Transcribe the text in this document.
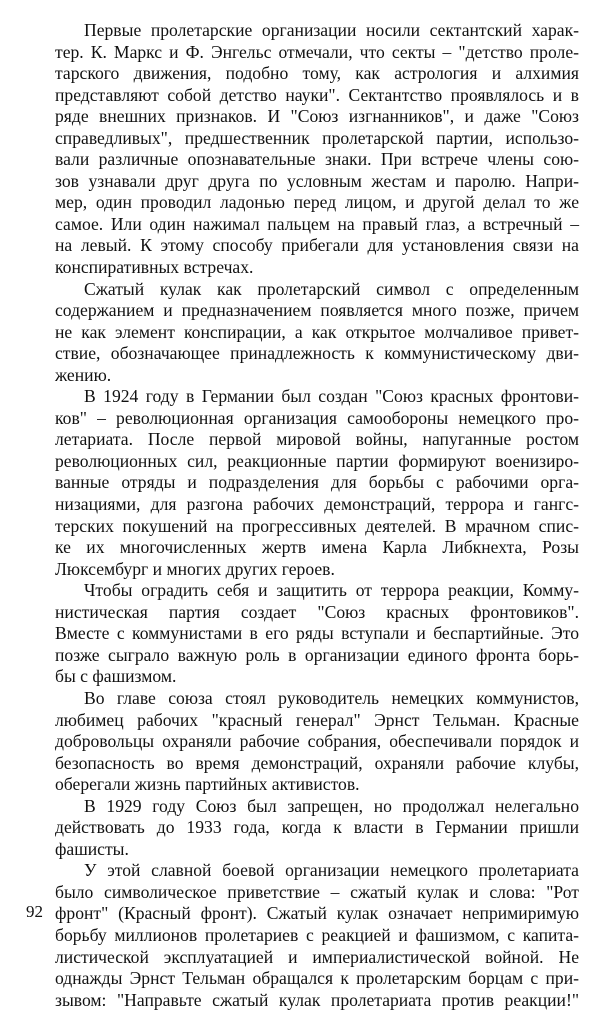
Первые пролетарские организации носили сектантский харак-
тер. К. Маркс и Ф. Энгельс отмечали, что секты – "детство проле-
тарского движения, подобно тому, как астрология и алхимия
представляют собой детство науки". Сектантство проявлялось и в
ряде внешних признаков. И "Союз изгнанников", и даже "Союз
справедливых", предшественник пролетарской партии, использо-
вали различные опознавательные знаки. При встрече члены сою-
зов узнавали друг друга по условным жестам и паролю. Напри-
мер, один проводил ладонью перед лицом, и другой делал то же
самое. Или один нажимал пальцем на правый глаз, а встречный –
на левый. К этому способу прибегали для установления связи на
конспиративных встречах.
Сжатый кулак как пролетарский символ с определенным
содержанием и предназначением появляется много позже, причем
не как элемент конспирации, а как открытое молчаливое привет-
ствие, обозначающее принадлежность к коммунистическому дви-
жению.
В 1924 году в Германии был создан "Союз красных фронтови-
ков" – революционная организация самообороны немецкого про-
летариата. После первой мировой войны, напуганные ростом
революционных сил, реакционные партии формируют военизиро-
ванные отряды и подразделения для борьбы с рабочими орга-
низациями, для разгона рабочих демонстраций, террора и гангс-
терских покушений на прогрессивных деятелей. В мрачном спис-
ке их многочисленных жертв имена Карла Либкнехта, Розы
Люксембург и многих других героев.
Чтобы оградить себя и защитить от террора реакции, Комму-
нистическая партия создает "Союз красных фронтовиков".
Вместе с коммунистами в его ряды вступали и беспартийные. Это
позже сыграло важную роль в организации единого фронта борь-
бы с фашизмом.
Во главе союза стоял руководитель немецких коммунистов,
любимец рабочих "красный генерал" Эрнст Тельман. Красные
добровольцы охраняли рабочие собрания, обеспечивали порядок и
безопасность во время демонстраций, охраняли рабочие клубы,
оберегали жизнь партийных активистов.
В 1929 году Союз был запрещен, но продолжал нелегально
действовать до 1933 года, когда к власти в Германии пришли
фашисты.
У этой славной боевой организации немецкого пролетариата
было символическое приветствие – сжатый кулак и слова: "Рот
фронт" (Красный фронт). Сжатый кулак означает непримиримую
борьбу миллионов пролетариев с реакцией и фашизмом, с капита-
листической эксплуатацией и империалистической войной. Не
однажды Эрнст Тельман обращался к пролетарским борцам с при-
зывом: "Направьте сжатый кулак пролетариата против реакции!"
92
